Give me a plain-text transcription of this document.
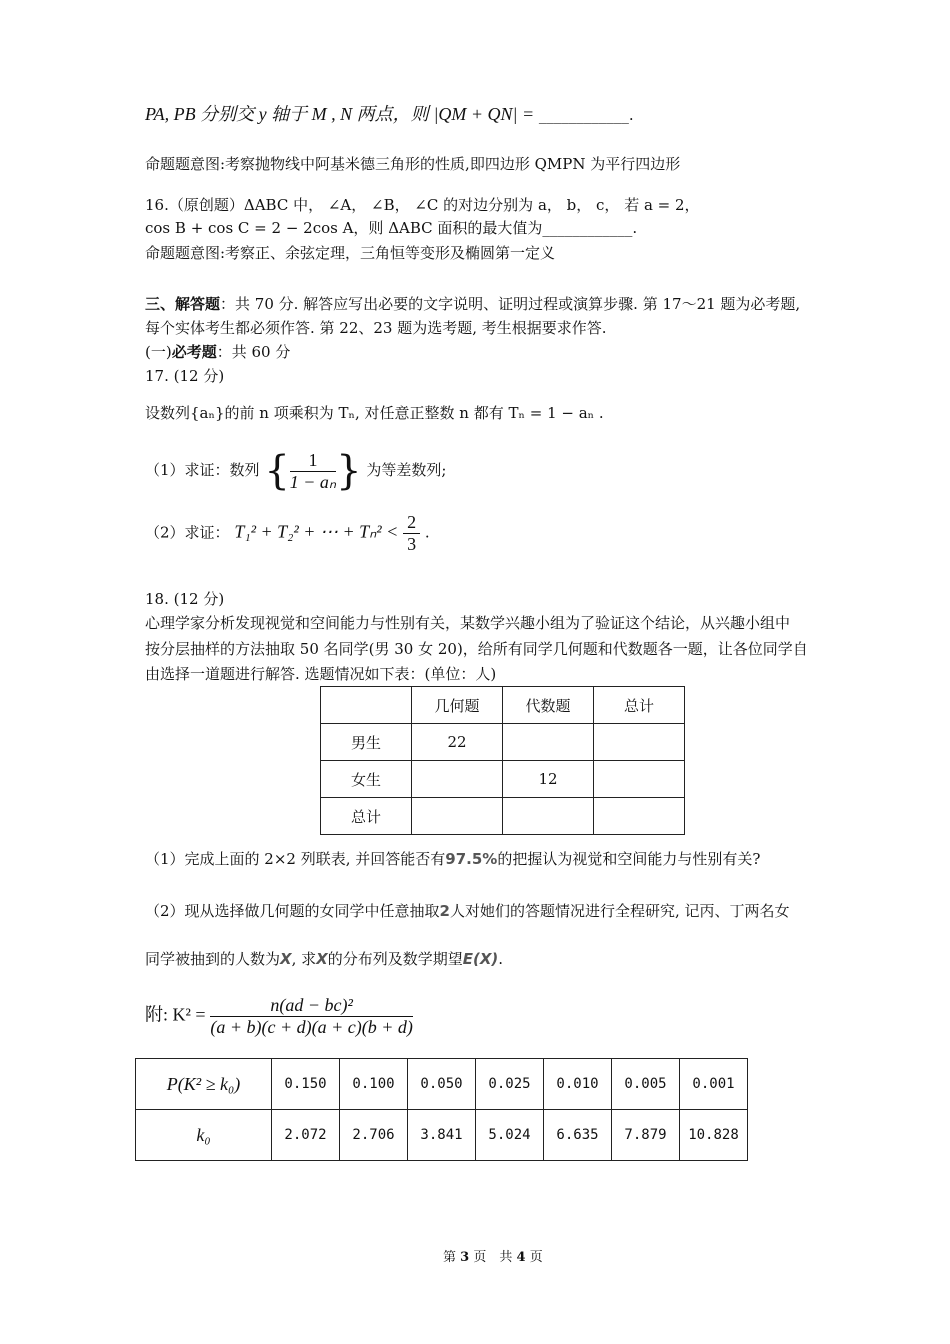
PA, PB 分别交 y 轴于 M , N 两点，则 |QM + QN| = ____________.
命题题意图:考察抛物线中阿基米德三角形的性质,即四边形 QMPN 为平行四边形
16.（原创题）ΔABC 中， ∠A， ∠B， ∠C 的对边分别为 a， b， c， 若 a = 2，
cos B + cos C = 2 − 2cos A，则 ΔABC 面积的最大值为____________.
命题题意图:考察正、余弦定理，三角恒等变形及椭圆第一定义
三、解答题：共 70 分. 解答应写出必要的文字说明、证明过程或演算步骤. 第 17～21 题为必考题,
每个实体考生都必须作答. 第 22、23 题为选考题, 考生根据要求作答.
(一)必考题：共 60 分
17. (12 分)
设数列{aₙ}的前 n 项乘积为 Tₙ, 对任意正整数 n 都有 Tₙ = 1 − aₙ .
（1）求证：数列 { $\frac{1}{\text{1 − aₙ}}$ } 为等差数列;
（2）求证： T₁² + T₂² + ⋯ + $T_n^2 < \frac{2}{3}$ .
18. (12 分)
心理学家分析发现视觉和空间能力与性别有关，某数学兴趣小组为了验证这个结论，从兴趣小组中
按分层抽样的方法抽取 50 名同学(男 30 女 20)，给所有同学几何题和代数题各一题，让各位同学自
由选择一道题进行解答. 选题情况如下表：(单位：人)
	几何题	代数题	总计
男生	22		
女生		12	
总计			
（1）完成上面的 2×2 列联表, 并回答能否有97.5%的把握认为视觉和空间能力与性别有关?
（2）现从选择做几何题的女同学中任意抽取2人对她们的答题情况进行全程研究, 记丙、丁两名女
同学被抽到的人数为X, 求X的分布列及数学期望E(X).
附: $K^2 = \frac{\text{n(ad − bc)²}}{(a + b)(c + d)(a + c)(b + d)}$
P(K² ≥ k₀)	0.150	0.100	0.050	0.025	0.010	0.005	0.001
k₀	2.072	2.706	3.841	5.024	6.635	7.879	10.828
第 3 页　共 4 页
